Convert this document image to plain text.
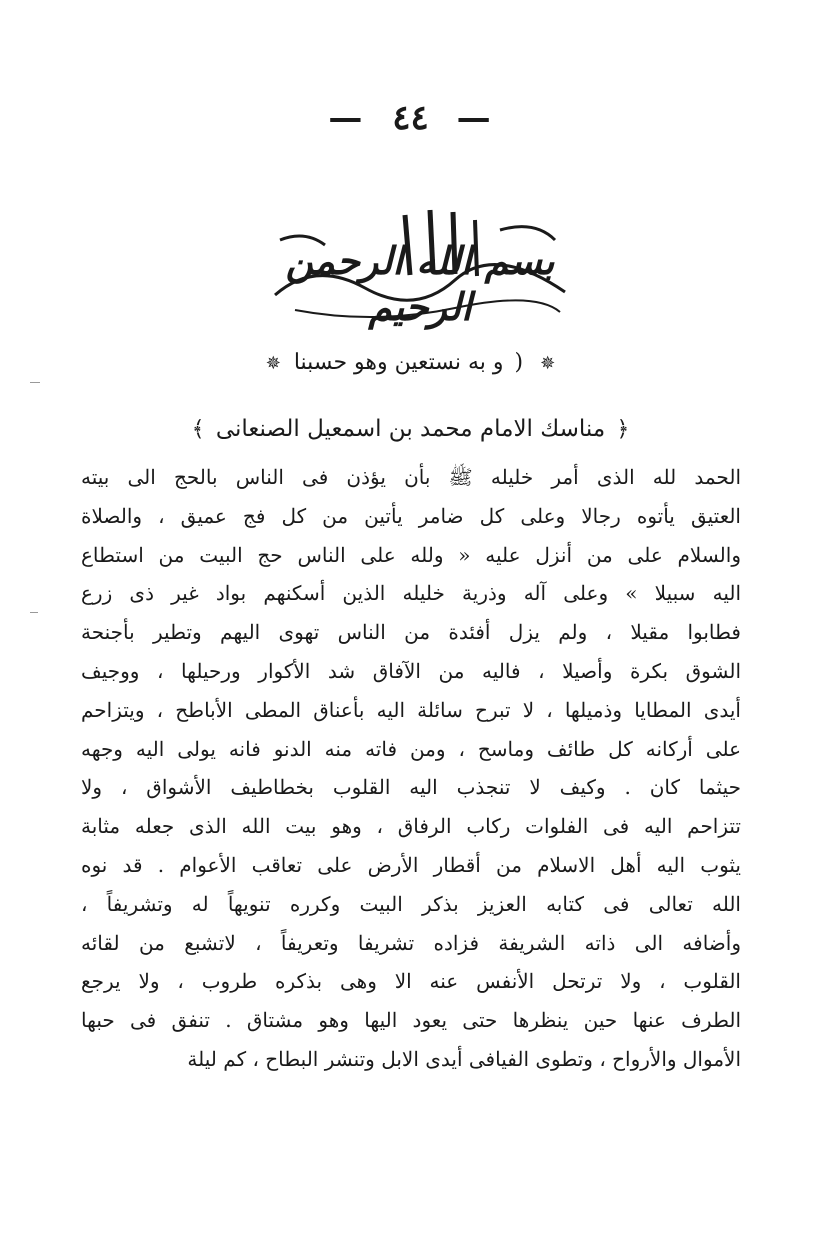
— ٤٤ —
بسم الله الرحمن الرحيم
✵ ( و به نستعين وهو حسبنا ✵
﴿ مناسك الامام محمد بن اسمعيل الصنعانى ﴾
الحمد لله الذى أمر خليله ﷺ بأن يؤذن فى الناس بالحج الى بيته
العتيق يأتوه رجالا وعلى كل ضامر يأتين من كل فج عميق ، والصلاة
والسلام على من أنزل عليه « ولله على الناس حج البيت من استطاع
اليه سبيلا » وعلى آله وذرية خليله الذين أسكنهم بواد غير ذى زرع
فطابوا مقيلا ، ولم يزل أفئدة من الناس تهوى اليهم وتطير بأجنحة
الشوق بكرة وأصيلا ، فاليه من الآفاق شد الأكوار ورحيلها ، ووجيف
أيدى المطايا وذميلها ، لا تبرح سائلة اليه بأعناق المطى الأباطح ، ويتزاحم
على أركانه كل طائف وماسح ، ومن فاته منه الدنو فانه يولى اليه وجهه
حيثما كان . وكيف لا تنجذب اليه القلوب بخطاطيف الأشواق ، ولا
تتزاحم اليه فى الفلوات ركاب الرفاق ، وهو بيت الله الذى جعله مثابة
يثوب اليه أهل الاسلام من أقطار الأرض على تعاقب الأعوام . قد نوه
الله تعالى فى كتابه العزيز بذكر البيت وكرره تنويهاً له وتشريفاً ،
وأضافه الى ذاته الشريفة فزاده تشريفا وتعريفاً ، لاتشبع من لقائه
القلوب ، ولا ترتحل الأنفس عنه الا وهى بذكره طروب ، ولا يرجع
الطرف عنها حين ينظرها حتى يعود اليها وهو مشتاق . تنفق فى حبها
الأموال والأرواح ، وتطوى الفيافى أيدى الابل وتنشر البطاح ، كم ليلة
